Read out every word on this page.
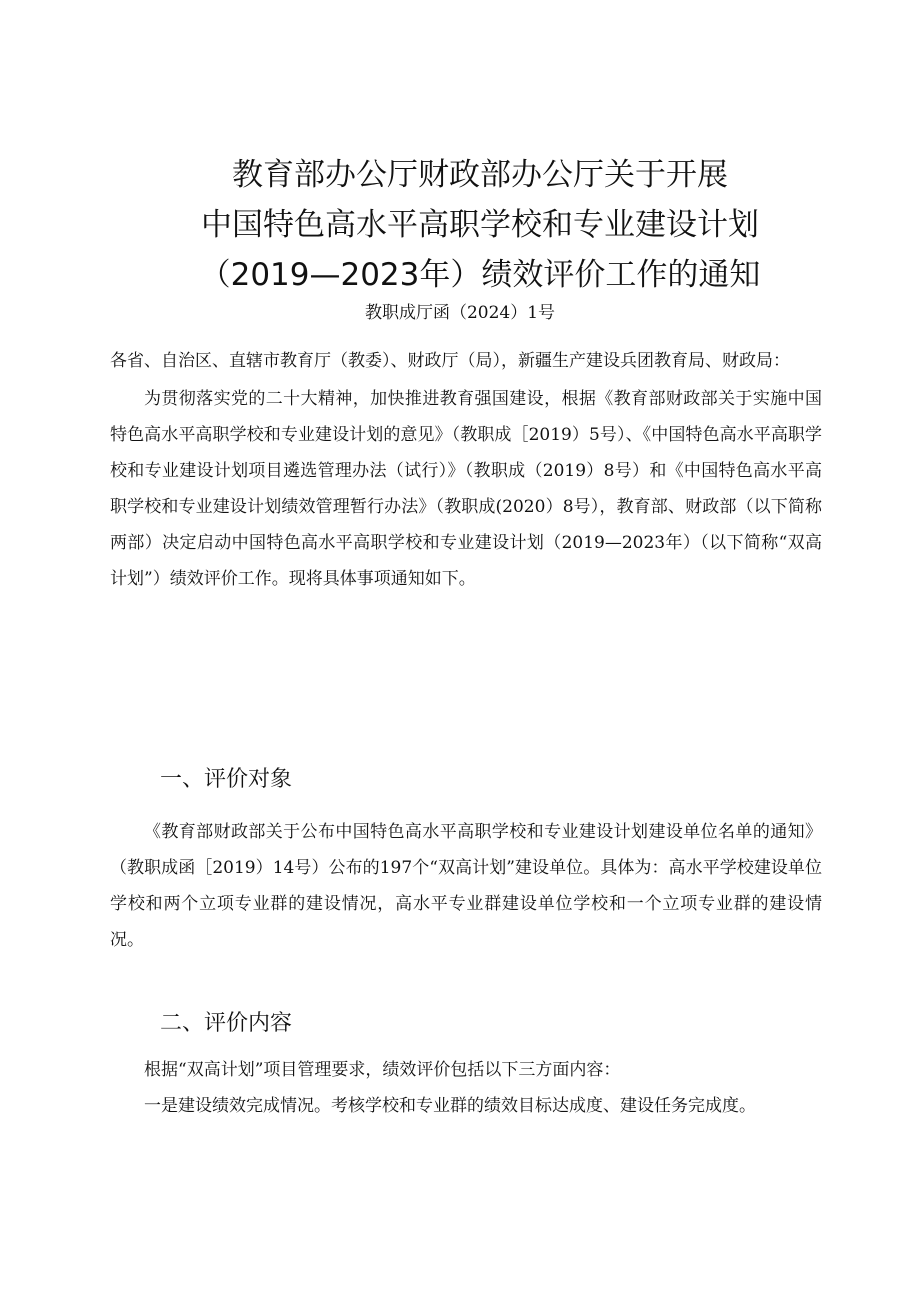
教育部办公厅财政部办公厅关于开展
中国特色高水平高职学校和专业建设计划
（2019—2023年）绩效评价工作的通知
教职成厅函（2024）1号

各省、自治区、直辖市教育厅（教委）、财政厅（局），新疆生产建设兵团教育局、财政局：

为贯彻落实党的二十大精神，加快推进教育强国建设，根据《教育部财政部关于实施中国特色高水平高职学校和专业建设计划的意见》（教职成［2019）5号）、《中国特色高水平高职学校和专业建设计划项目遴选管理办法（试行）》（教职成（2019）8号）和《中国特色高水平高职学校和专业建设计划绩效管理暂行办法》（教职成(2020）8号），教育部、财政部（以下简称两部）决定启动中国特色高水平高职学校和专业建设计划（2019—2023年）（以下简称“双高计划”）绩效评价工作。现将具体事项通知如下。

一、评价对象

《教育部财政部关于公布中国特色高水平高职学校和专业建设计划建设单位名单的通知》（教职成函［2019）14号）公布的197个“双高计划”建设单位。具体为：高水平学校建设单位学校和两个立项专业群的建设情况，高水平专业群建设单位学校和一个立项专业群的建设情况。

二、评价内容

根据“双高计划”项目管理要求，绩效评价包括以下三方面内容：

一是建设绩效完成情况。考核学校和专业群的绩效目标达成度、建设任务完成度。
